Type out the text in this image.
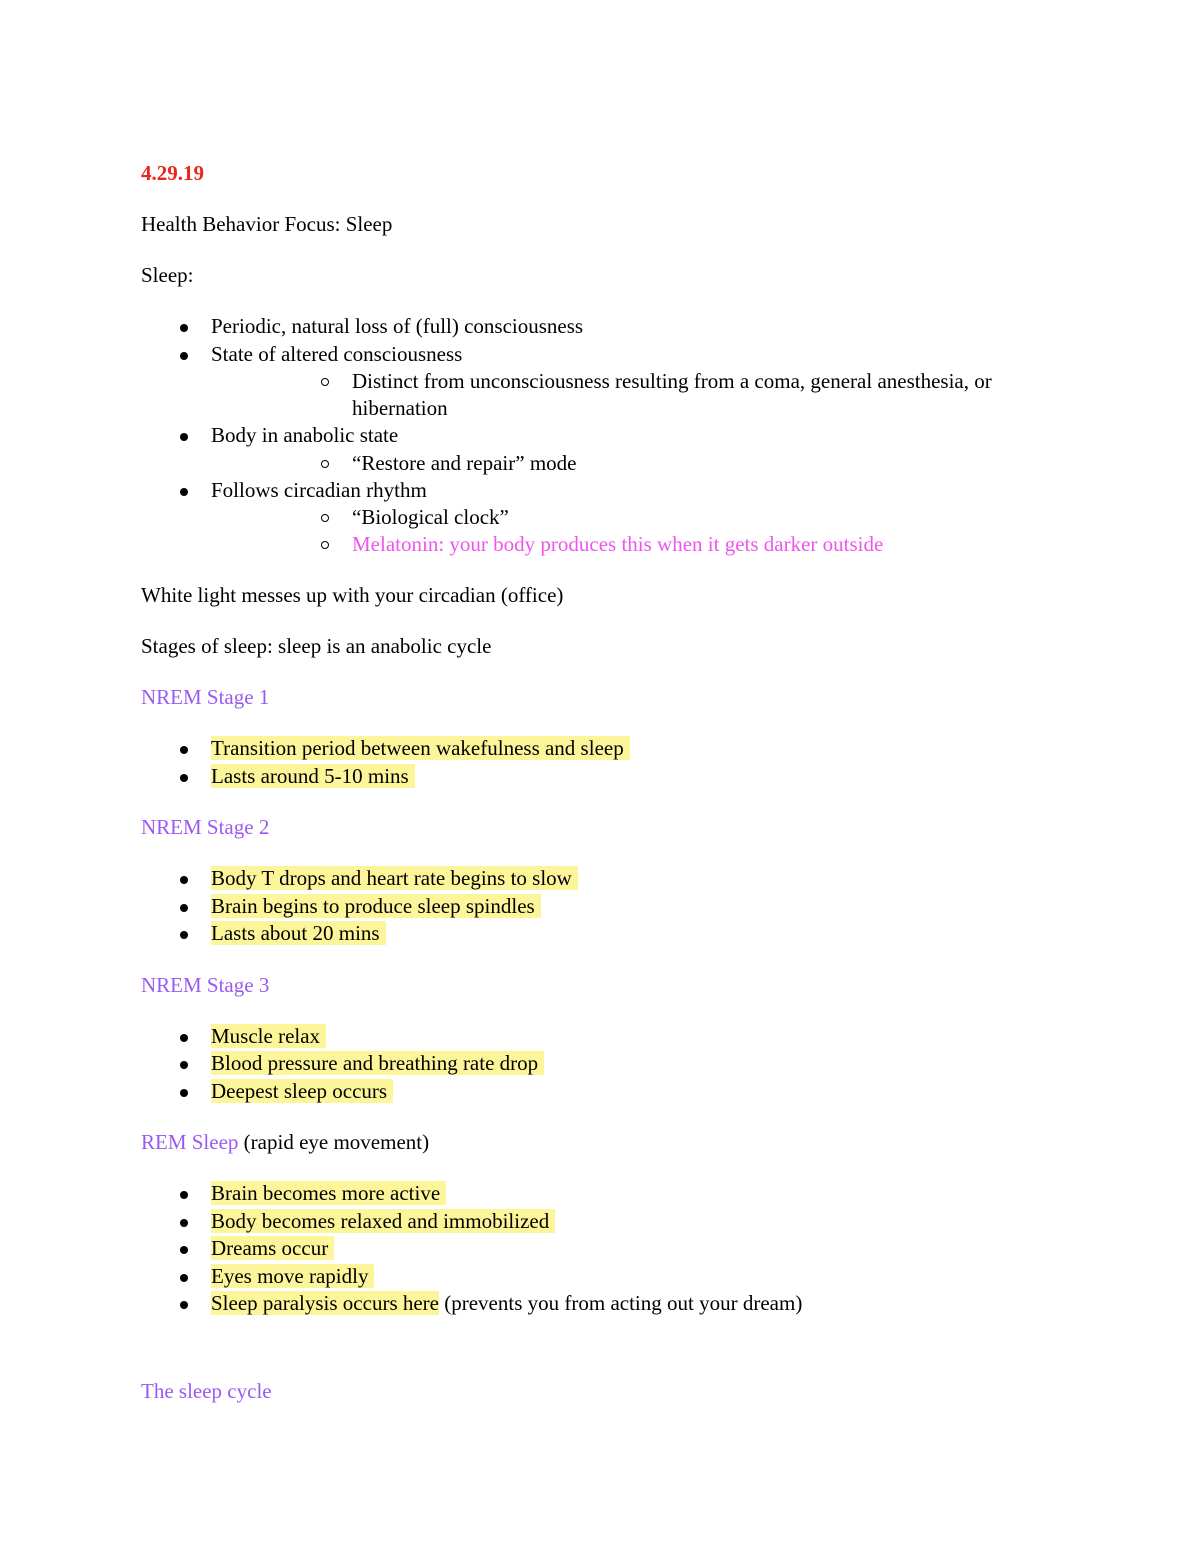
4.29.19

Health Behavior Focus: Sleep

Sleep:

Periodic, natural loss of (full) consciousness
State of altered consciousness
Distinct from unconsciousness resulting from a coma, general anesthesia, or hibernation
Body in anabolic state
“Restore and repair” mode
Follows circadian rhythm
“Biological clock”
Melatonin: your body produces this when it gets darker outside

White light messes up with your circadian (office)

Stages of sleep: sleep is an anabolic cycle

NREM Stage 1

Transition period between wakefulness and sleep
Lasts around 5-10 mins

NREM Stage 2

Body T drops and heart rate begins to slow
Brain begins to produce sleep spindles
Lasts about 20 mins

NREM Stage 3

Muscle relax
Blood pressure and breathing rate drop
Deepest sleep occurs

REM Sleep (rapid eye movement)

Brain becomes more active
Body becomes relaxed and immobilized
Dreams occur
Eyes move rapidly
Sleep paralysis occurs here (prevents you from acting out your dream)

The sleep cycle
